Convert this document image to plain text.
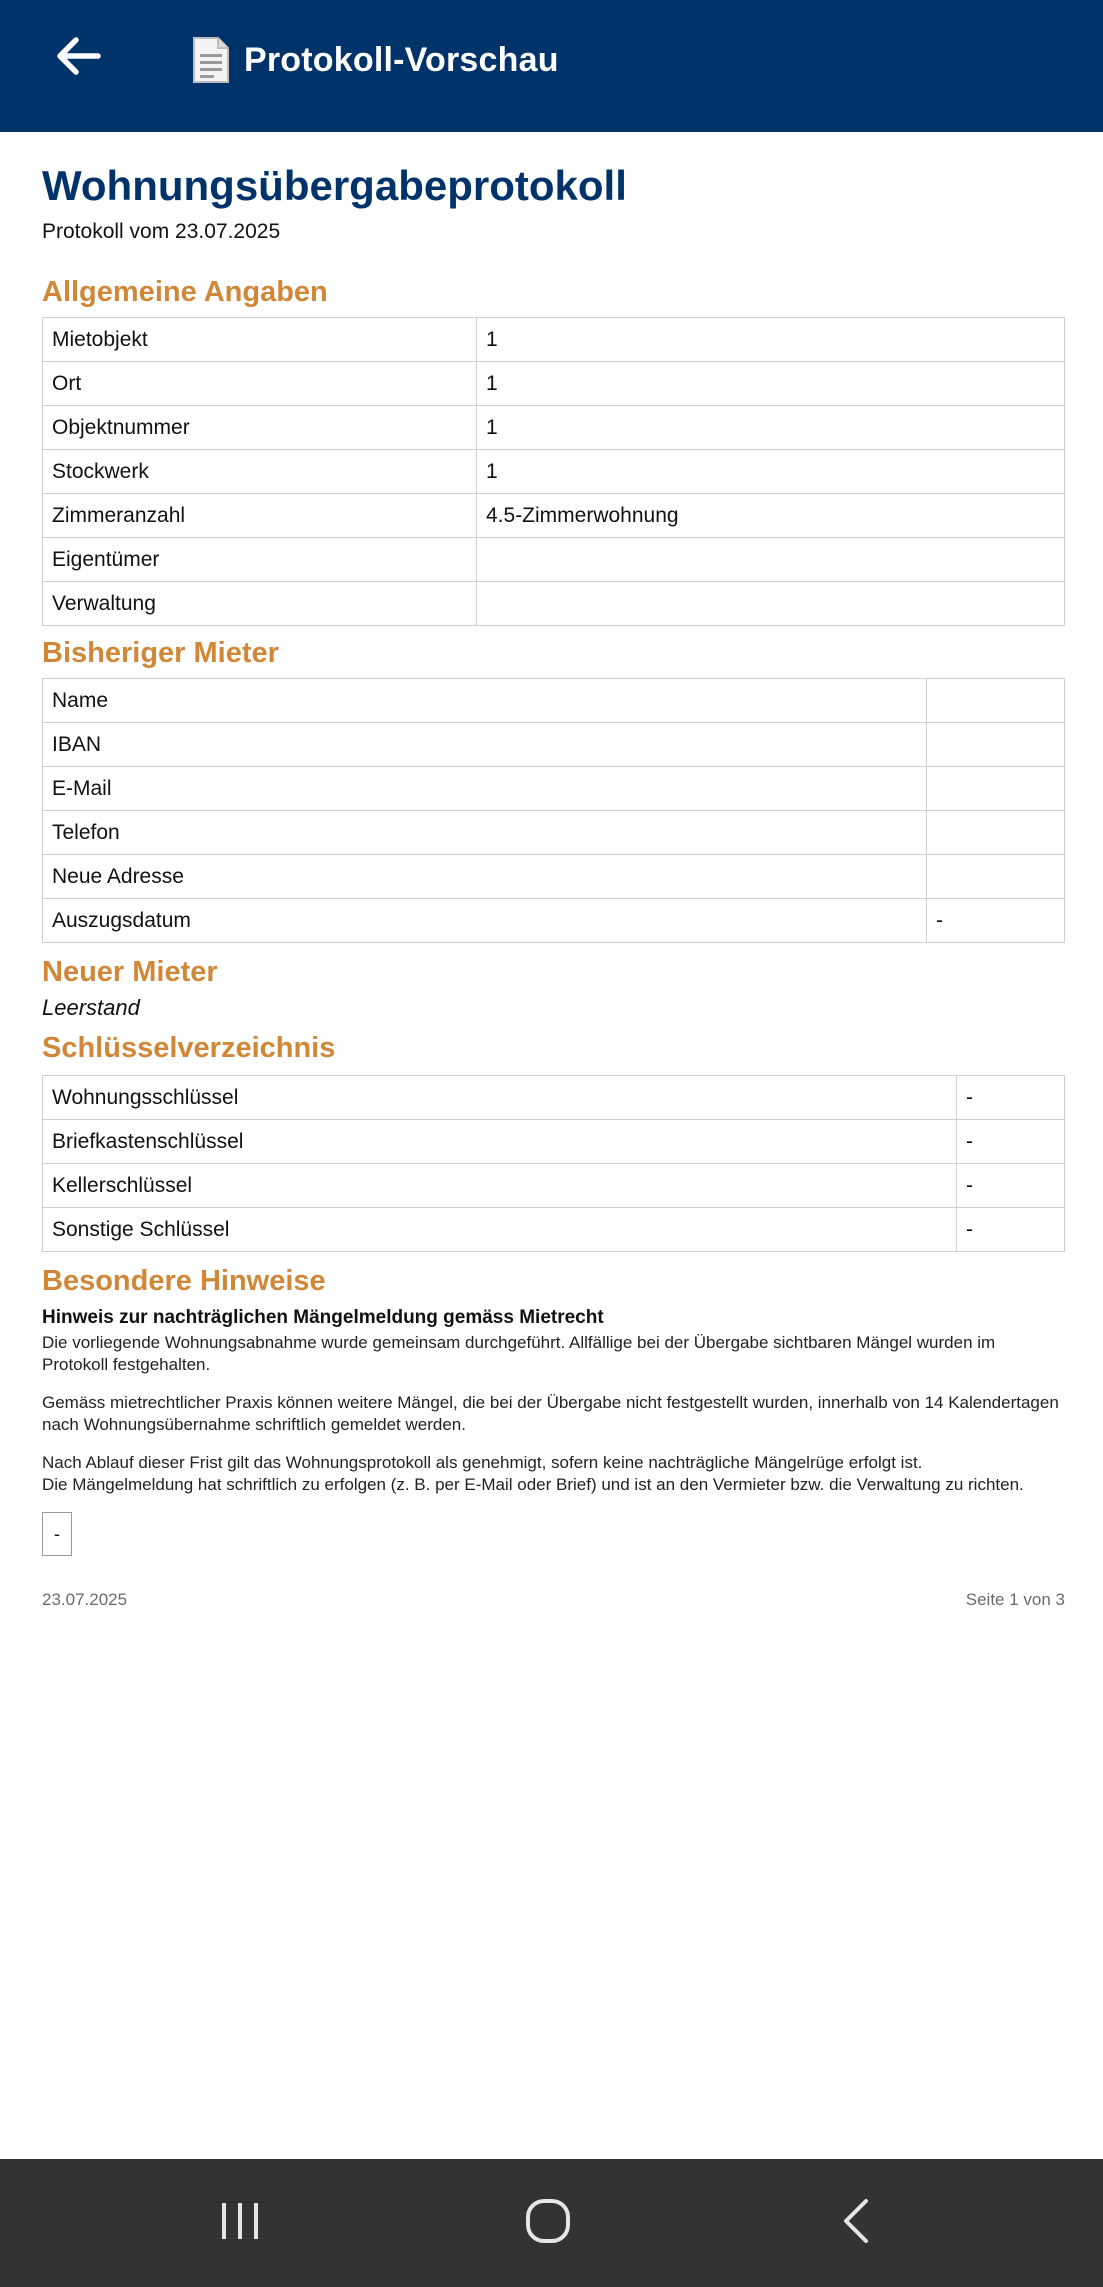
Protokoll-Vorschau
Wohnungsübergabeprotokoll
Protokoll vom 23.07.2025
Allgemeine Angaben
Mietobjekt	1
Ort	1
Objektnummer	1
Stockwerk	1
Zimmeranzahl	4.5-Zimmerwohnung
Eigentümer	
Verwaltung	
Bisheriger Mieter
Name	
IBAN	
E-Mail	
Telefon	
Neue Adresse	
Auszugsdatum	-
Neuer Mieter
Leerstand
Schlüsselverzeichnis
Wohnungsschlüssel	-
Briefkastenschlüssel	-
Kellerschlüssel	-
Sonstige Schlüssel	-
Besondere Hinweise
Hinweis zur nachträglichen Mängelmeldung gemäss Mietrecht
Die vorliegende Wohnungsabnahme wurde gemeinsam durchgeführt. Allfällige bei der Übergabe sichtbaren Mängel wurden im Protokoll festgehalten.
Gemäss mietrechtlicher Praxis können weitere Mängel, die bei der Übergabe nicht festgestellt wurden, innerhalb von 14 Kalendertagen nach Wohnungsübernahme schriftlich gemeldet werden.
Nach Ablauf dieser Frist gilt das Wohnungsprotokoll als genehmigt, sofern keine nachträgliche Mängelrüge erfolgt ist.
Die Mängelmeldung hat schriftlich zu erfolgen (z. B. per E-Mail oder Brief) und ist an den Vermieter bzw. die Verwaltung zu richten.
-
23.07.2025	Seite 1 von 3
